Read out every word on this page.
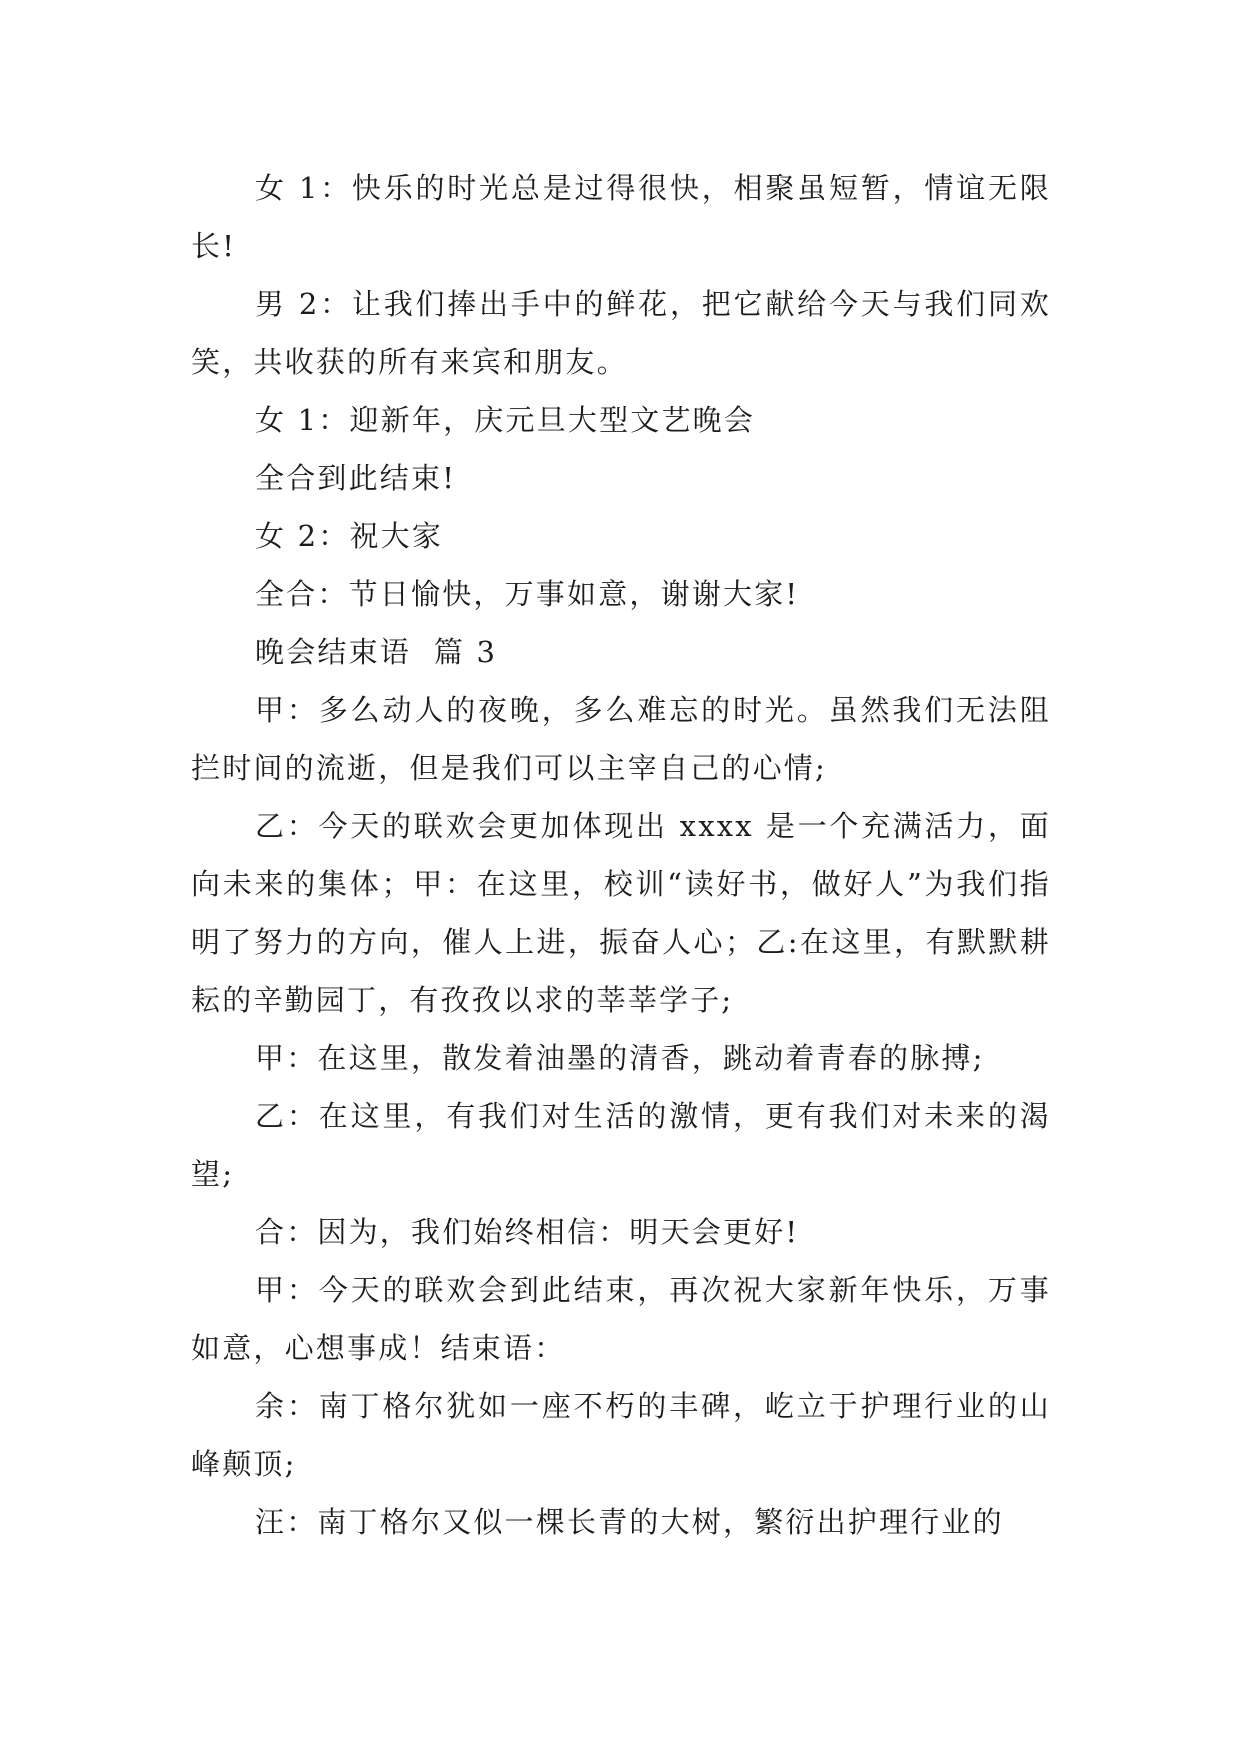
女 1：快乐的时光总是过得很快，相聚虽短暂，情谊无限长!

男 2：让我们捧出手中的鲜花，把它献给今天与我们同欢笑，共收获的所有来宾和朋友。

女 1：迎新年，庆元旦大型文艺晚会

全合到此结束!

女 2：祝大家

全合：节日愉快，万事如意，谢谢大家!

晚会结束语  篇 3

甲：多么动人的夜晚，多么难忘的时光。虽然我们无法阻拦时间的流逝，但是我们可以主宰自己的心情;

乙：今天的联欢会更加体现出 xxxx 是一个充满活力，面向未来的集体；甲：在这里，校训“读好书，做好人”为我们指明了努力的方向，催人上进，振奋人心；乙:在这里，有默默耕耘的辛勤园丁，有孜孜以求的莘莘学子;

甲：在这里，散发着油墨的清香，跳动着青春的脉搏;

乙：在这里，有我们对生活的激情，更有我们对未来的渴望;

合：因为，我们始终相信：明天会更好!

甲：今天的联欢会到此结束，再次祝大家新年快乐，万事如意，心想事成！结束语：

余：南丁格尔犹如一座不朽的丰碑，屹立于护理行业的山峰颠顶;

汪：南丁格尔又似一棵长青的大树，繁衍出护理行业的
